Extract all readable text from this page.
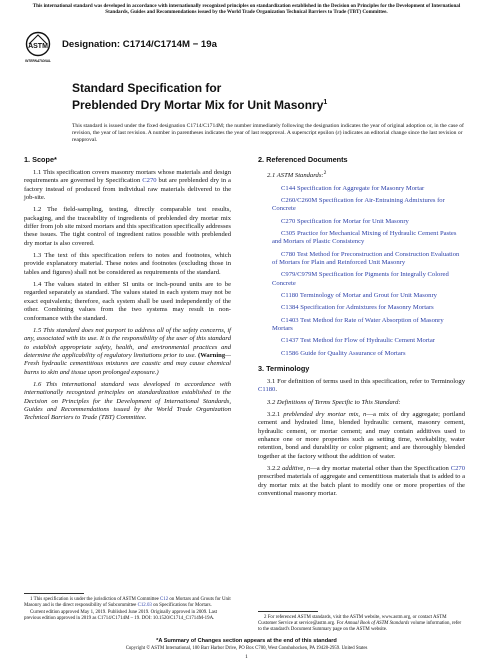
This international standard was developed in accordance with internationally recognized principles on standardization established in the Decision on Principles for the Development of International Standards, Guides and Recommendations issued by the World Trade Organization Technical Barriers to Trade (TBT) Committee.
ASTM
INTERNATIONAL
Designation: C1714/C1714M − 19a
Standard Specification for
Preblended Dry Mortar Mix for Unit Masonry$^1$
This standard is issued under the fixed designation C1714/C1714M; the number immediately following the designation indicates the year of original adoption or, in the case of revision, the year of last revision. A number in parentheses indicates the year of last reapproval. A superscript epsilon (ε) indicates an editorial change since the last revision or reapproval.
1. Scope*

1.1 This specification covers masonry mortars whose materials and design requirements are governed by Specification C270 but are preblended dry in a factory instead of produced from individual raw materials delivered to the job-site.

1.2 The field-sampling, testing, directly comparable test results, packaging, and the traceability of ingredients of preblended dry mortar mix differ from job site mixed mortars and this specification specifically addresses these issues. The tight control of ingredient ratios possible with preblended dry mortar is also covered.

1.3 The text of this specification refers to notes and footnotes, which provide explanatory material. These notes and footnotes (excluding those in tables and figures) shall not be considered as requirements of the standard.

1.4 The values stated in either SI units or inch-pound units are to be regarded separately as standard. The values stated in each system may not be exact equivalents; therefore, each system shall be used independently of the other. Combining values from the two systems may result in non-conformance with the standard.

1.5 This standard does not purport to address all of the safety concerns, if any, associated with its use. It is the responsibility of the user of this standard to establish appropriate safety, health, and environmental practices and determine the applicability of regulatory limitations prior to use. (Warning—Fresh hydraulic cementitious mixtures are caustic and may cause chemical burns to skin and tissue upon prolonged exposure.)

1.6 This international standard was developed in accordance with internationally recognized principles on standardization established in the Decision on Principles for the Development of International Standards, Guides and Recommendations issued by the World Trade Organization Technical Barriers to Trade (TBT) Committee.

2. Referenced Documents

2.1 ASTM Standards:$^2$

C144 Specification for Aggregate for Masonry Mortar

C260/C260M Specification for Air-Entraining Admixtures for Concrete

C270 Specification for Mortar for Unit Masonry

C305 Practice for Mechanical Mixing of Hydraulic Cement Pastes and Mortars of Plastic Consistency

C780 Test Method for Preconstruction and Construction Evaluation of Mortars for Plain and Reinforced Unit Masonry

C979/C979M Specification for Pigments for Integrally Colored Concrete

C1180 Terminology of Mortar and Grout for Unit Masonry

C1384 Specification for Admixtures for Masonry Mortars

C1403 Test Method for Rate of Water Absorption of Masonry Mortars

C1437 Test Method for Flow of Hydraulic Cement Mortar

C1586 Guide for Quality Assurance of Mortars

3. Terminology

3.1 For definition of terms used in this specification, refer to Terminology C1180.

3.2 Definitions of Terms Specific to This Standard:

3.2.1 preblended dry mortar mix, n—a mix of dry aggregate; portland cement and hydrated lime, blended hydraulic cement, masonry cement, hydraulic cement, or mortar cement; and may contain additives used to enhance one or more properties such as setting time, workability, water retention, bond and durability or color pigment; and are thoroughly blended together at the factory without the addition of water.

3.2.2 additive, n—a dry mortar material other than the Specification C270 prescribed materials of aggregate and cementitious materials that is added to a dry mortar mix at the batch plant to modify one or more properties of the conventional masonry mortar.

1 This specification is under the jurisdiction of ASTM Committee C12 on Mortars and Grouts for Unit Masonry and is the direct responsibility of Subcommittee C12.03 on Specifications for Mortars.

Current edition approved May 1, 2019. Published June 2019. Originally approved in 2009. Last previous edition approved in 2019 as C1714/C1714M – 19. DOI: 10.1520/C1714_C1714M-19A.	2 For referenced ASTM standards, visit the ASTM website, www.astm.org, or contact ASTM Customer Service at service@astm.org. For Annual Book of ASTM Standards volume information, refer to the standard's Document Summary page on the ASTM website.

*A Summary of Changes section appears at the end of this standard
Copyright © ASTM International, 100 Barr Harbor Drive, PO Box C700, West Conshohocken, PA 19428-2959. United States
1
